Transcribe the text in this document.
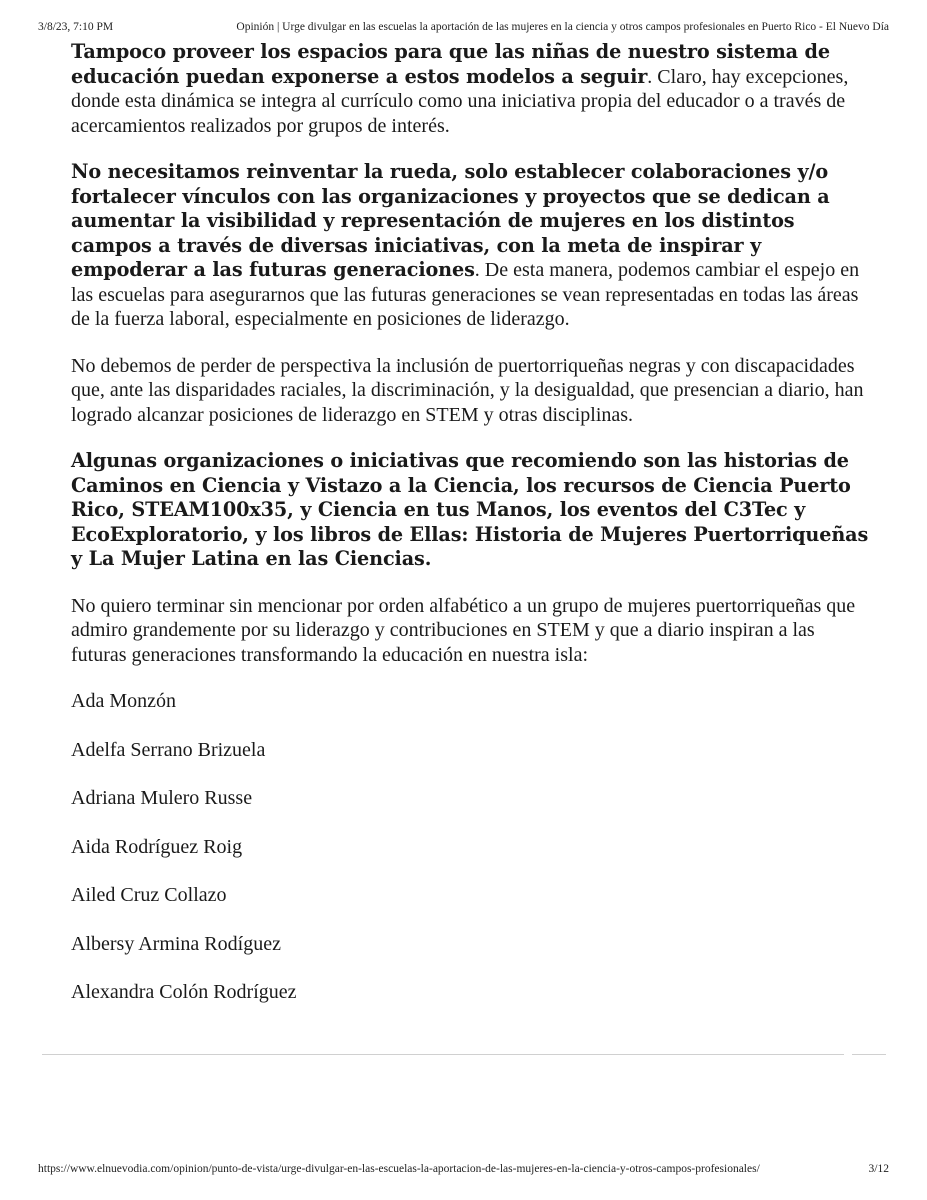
3/8/23, 7:10 PM	Opinión | Urge divulgar en las escuelas la aportación de las mujeres en la ciencia y otros campos profesionales en Puerto Rico - El Nuevo Día

Tampoco proveer los espacios para que las niñas de nuestro sistema de educación puedan exponerse a estos modelos a seguir. Claro, hay excepciones, donde esta dinámica se integra al currículo como una iniciativa propia del educador o a través de acercamientos realizados por grupos de interés.

No necesitamos reinventar la rueda, solo establecer colaboraciones y/o fortalecer vínculos con las organizaciones y proyectos que se dedican a aumentar la visibilidad y representación de mujeres en los distintos campos a través de diversas iniciativas, con la meta de inspirar y empoderar a las futuras generaciones. De esta manera, podemos cambiar el espejo en las escuelas para asegurarnos que las futuras generaciones se vean representadas en todas las áreas de la fuerza laboral, especialmente en posiciones de liderazgo.

No debemos de perder de perspectiva la inclusión de puertorriqueñas negras y con discapacidades que, ante las disparidades raciales, la discriminación, y la desigualdad, que presencian a diario, han logrado alcanzar posiciones de liderazgo en STEM y otras disciplinas.

Algunas organizaciones o iniciativas que recomiendo son las historias de Caminos en Ciencia y Vistazo a la Ciencia, los recursos de Ciencia Puerto Rico, STEAM100x35, y Ciencia en tus Manos, los eventos del C3Tec y EcoExploratorio, y los libros de Ellas: Historia de Mujeres Puertorriqueñas y La Mujer Latina en las Ciencias.

No quiero terminar sin mencionar por orden alfabético a un grupo de mujeres puertorriqueñas que admiro grandemente por su liderazgo y contribuciones en STEM y que a diario inspiran a las futuras generaciones transformando la educación en nuestra isla:

Ada Monzón
Adelfa Serrano Brizuela
Adriana Mulero Russe
Aida Rodríguez Roig
Ailed Cruz Collazo
Albersy Armina Rodíguez
Alexandra Colón Rodríguez
https://www.elnuevodia.com/opinion/punto-de-vista/urge-divulgar-en-las-escuelas-la-aportacion-de-las-mujeres-en-la-ciencia-y-otros-campos-profesionales/	3/12
